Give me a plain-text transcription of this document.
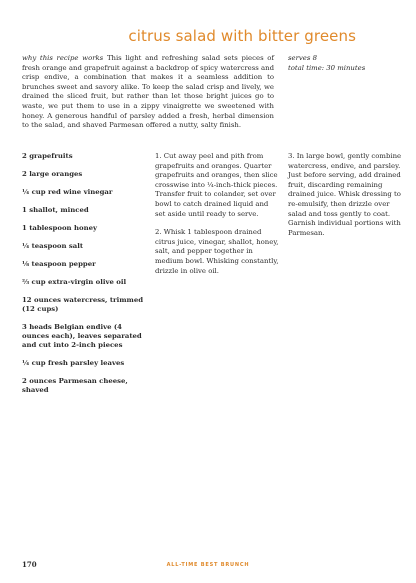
citrus salad with bitter greens
why this recipe works This light and refreshing salad sets pieces of fresh orange and grapefruit against a backdrop of spicy watercress and crisp endive, a combination that makes it a seamless addition to brunches sweet and savory alike. To keep the salad crisp and lively, we drained the sliced fruit, but rather than let those bright juices go to waste, we put them to use in a zippy vinaigrette we sweetened with honey. A generous handful of parsley added a fresh, herbal dimension to the salad, and shaved Parmesan offered a nutty, salty finish.
serves 8
total time: 30 minutes
2 grapefruits
2 large oranges
¼ cup red wine vinegar
1 shallot, minced
1 tablespoon honey
¼ teaspoon salt
⅛ teaspoon pepper
⅔ cup extra-virgin olive oil
12 ounces watercress, trimmed (12 cups)
3 heads Belgian endive (4 ounces each), leaves separated and cut into 2-inch pieces
¼ cup fresh parsley leaves
2 ounces Parmesan cheese, shaved
1. Cut away peel and pith from grapefruits and oranges. Quarter grapefruits and oranges, then slice crosswise into ¼-inch-thick pieces. Transfer fruit to colander, set over bowl to catch drained liquid and set aside until ready to serve.
2. Whisk 1 tablespoon drained citrus juice, vinegar, shallot, honey, salt, and pepper together in medium bowl. Whisking constantly, drizzle in olive oil.
3. In large bowl, gently combine watercress, endive, and parsley. Just before serving, add drained fruit, discarding remaining drained juice. Whisk dressing to re-emulsify, then drizzle over salad and toss gently to coat. Garnish individual portions with Parmesan.
170	ALL-TIME BEST BRUNCH
